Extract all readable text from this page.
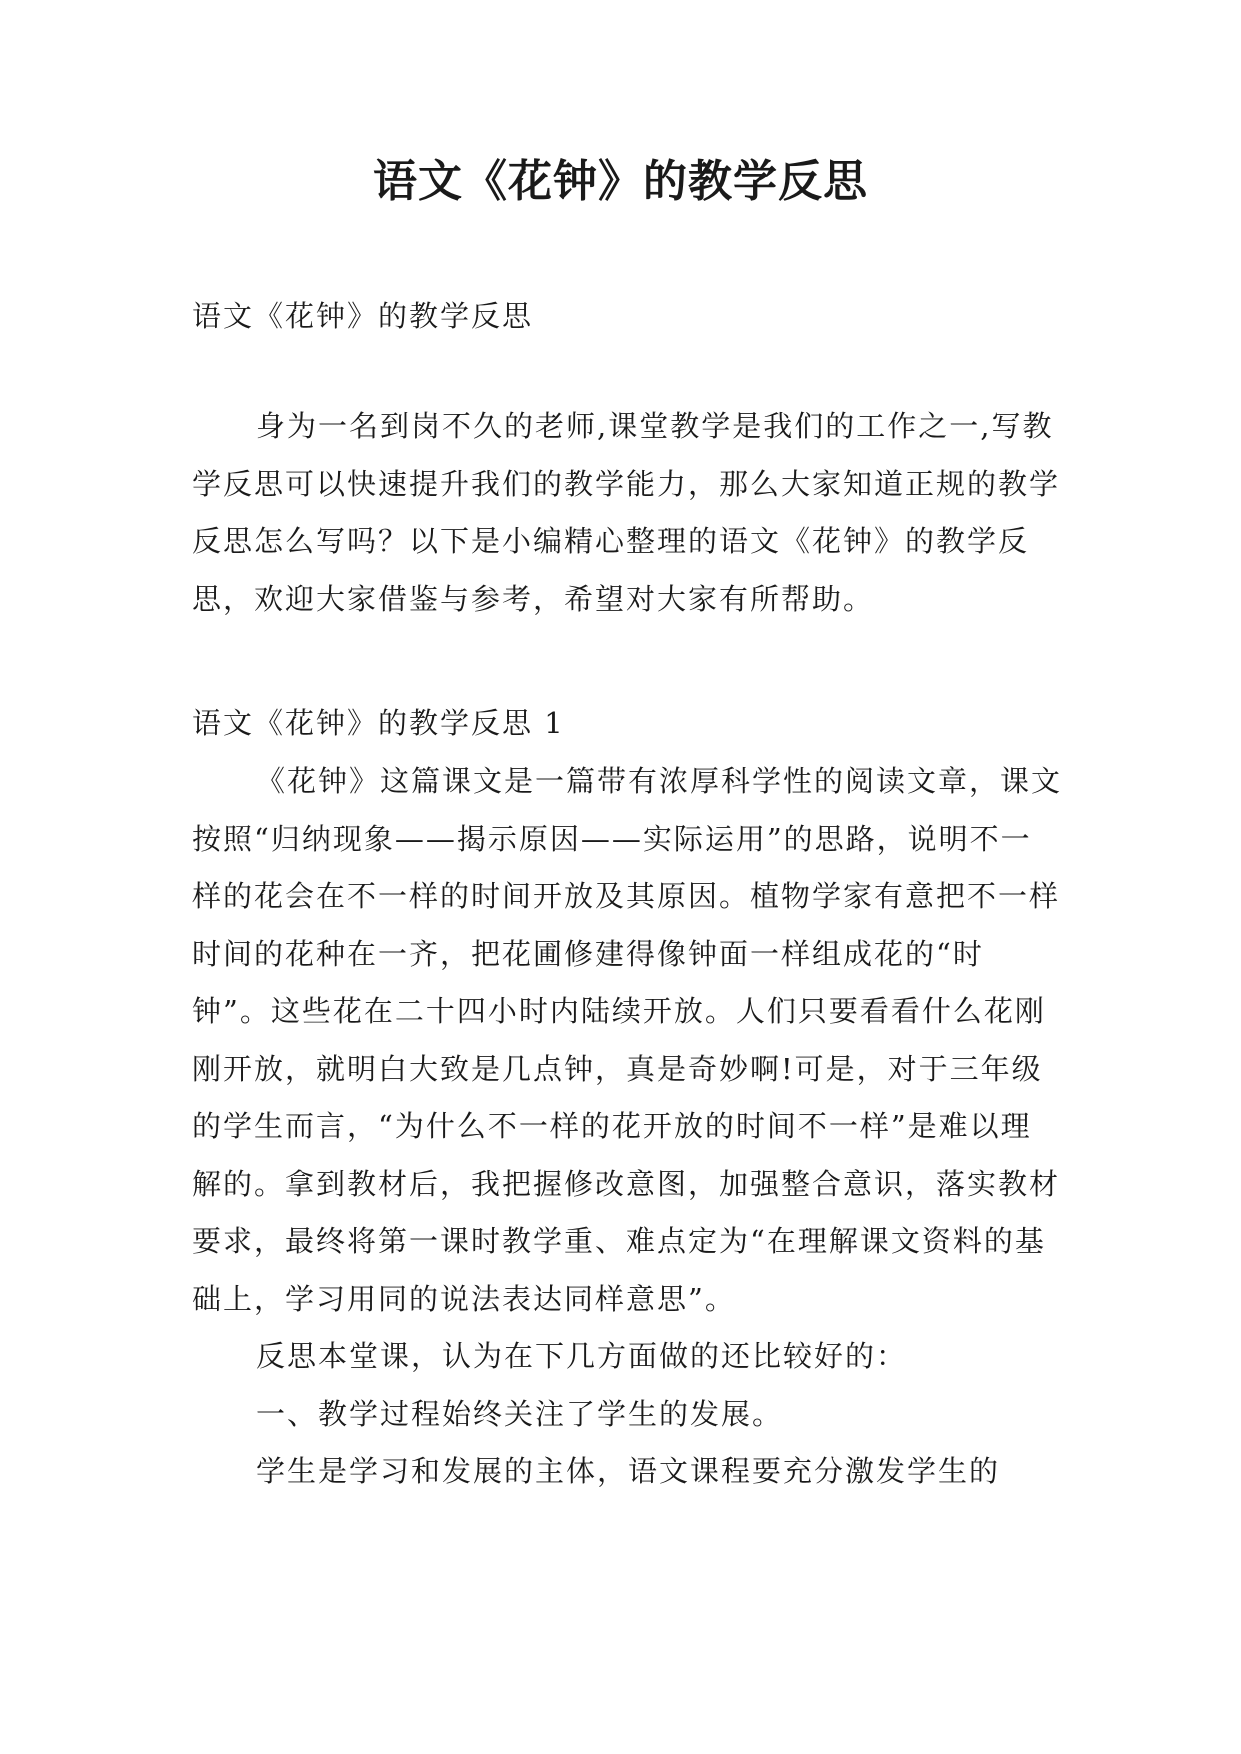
语文《花钟》的教学反思
语文《花钟》的教学反思

身为一名到岗不久的老师,课堂教学是我们的工作之一,写教学反思可以快速提升我们的教学能力，那么大家知道正规的教学反思怎么写吗？以下是小编精心整理的语文《花钟》的教学反思，欢迎大家借鉴与参考，希望对大家有所帮助。

语文《花钟》的教学反思 1

《花钟》这篇课文是一篇带有浓厚科学性的阅读文章，课文按照“归纳现象——揭示原因——实际运用”的思路，说明不一样的花会在不一样的时间开放及其原因。植物学家有意把不一样时间的花种在一齐，把花圃修建得像钟面一样组成花的“时钟”。这些花在二十四小时内陆续开放。人们只要看看什么花刚刚开放，就明白大致是几点钟，真是奇妙啊!可是，对于三年级的学生而言，“为什么不一样的花开放的时间不一样”是难以理解的。拿到教材后，我把握修改意图，加强整合意识，落实教材要求，最终将第一课时教学重、难点定为“在理解课文资料的基础上，学习用同的说法表达同样意思”。

反思本堂课，认为在下几方面做的还比较好的：

一、教学过程始终关注了学生的发展。

学生是学习和发展的主体，语文课程要充分激发学生的
